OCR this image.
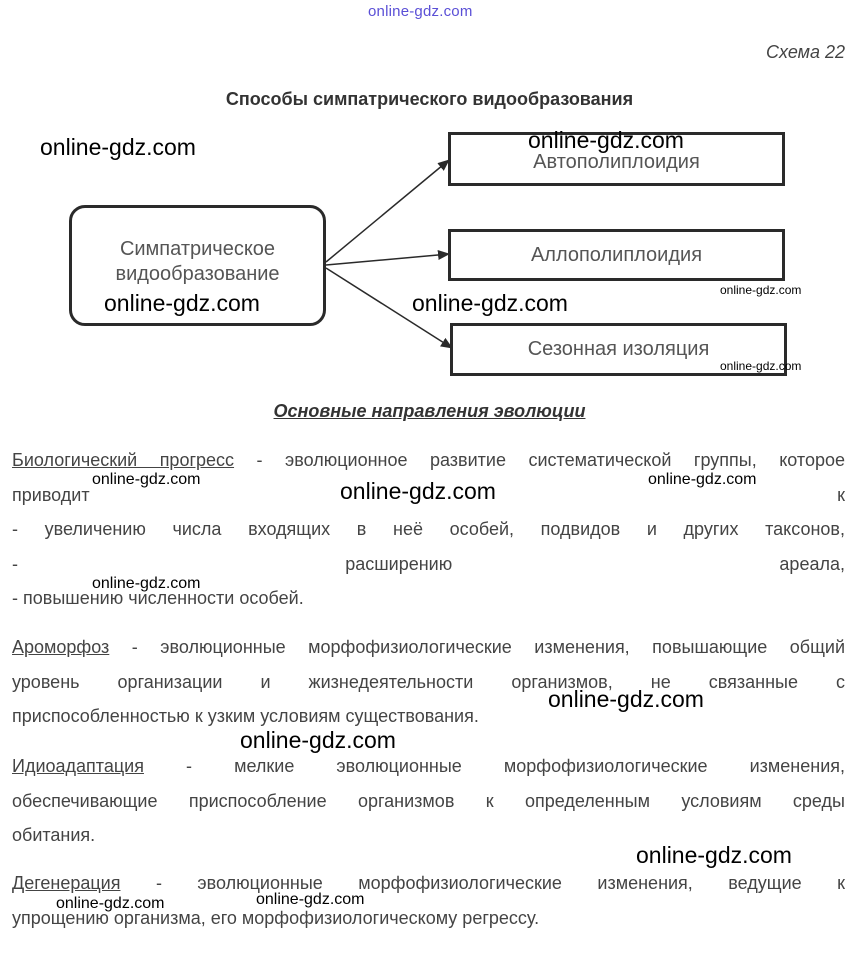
online-gdz.com
Схема 22
Способы симпатрического видообразования
Симпатрическое
видообразование
Автополиплоидия
Аллополиплоидия
Сезонная изоляция
Основные направления эволюции
Биологический прогресс - эволюционное развитие систематической группы, которое
приводит	к
- увеличению числа входящих в неё особей, подвидов и других таксонов,
-	расширению	ареала,
- повышению численности особей.
Ароморфоз - эволюционные морфофизиологические изменения, повышающие общий
уровень организации и жизнедеятельности организмов, не связанные с
приспособленностью к узким условиям существования.
Идиоадаптация - мелкие эволюционные морфофизиологические изменения,
обеспечивающие приспособление организмов к определенным условиям среды
обитания.
Дегенерация - эволюционные морфофизиологические изменения, ведущие к
упрощению организма, его морфофизиологическому регрессу.
online-gdz.com	online-gdz.com
online-gdz.com	online-gdz.com	online-gdz.com
online-gdz.com
online-gdz.com	online-gdz.com	online-gdz.com
online-gdz.com
online-gdz.com
online-gdz.com
online-gdz.com
online-gdz.com	online-gdz.com
